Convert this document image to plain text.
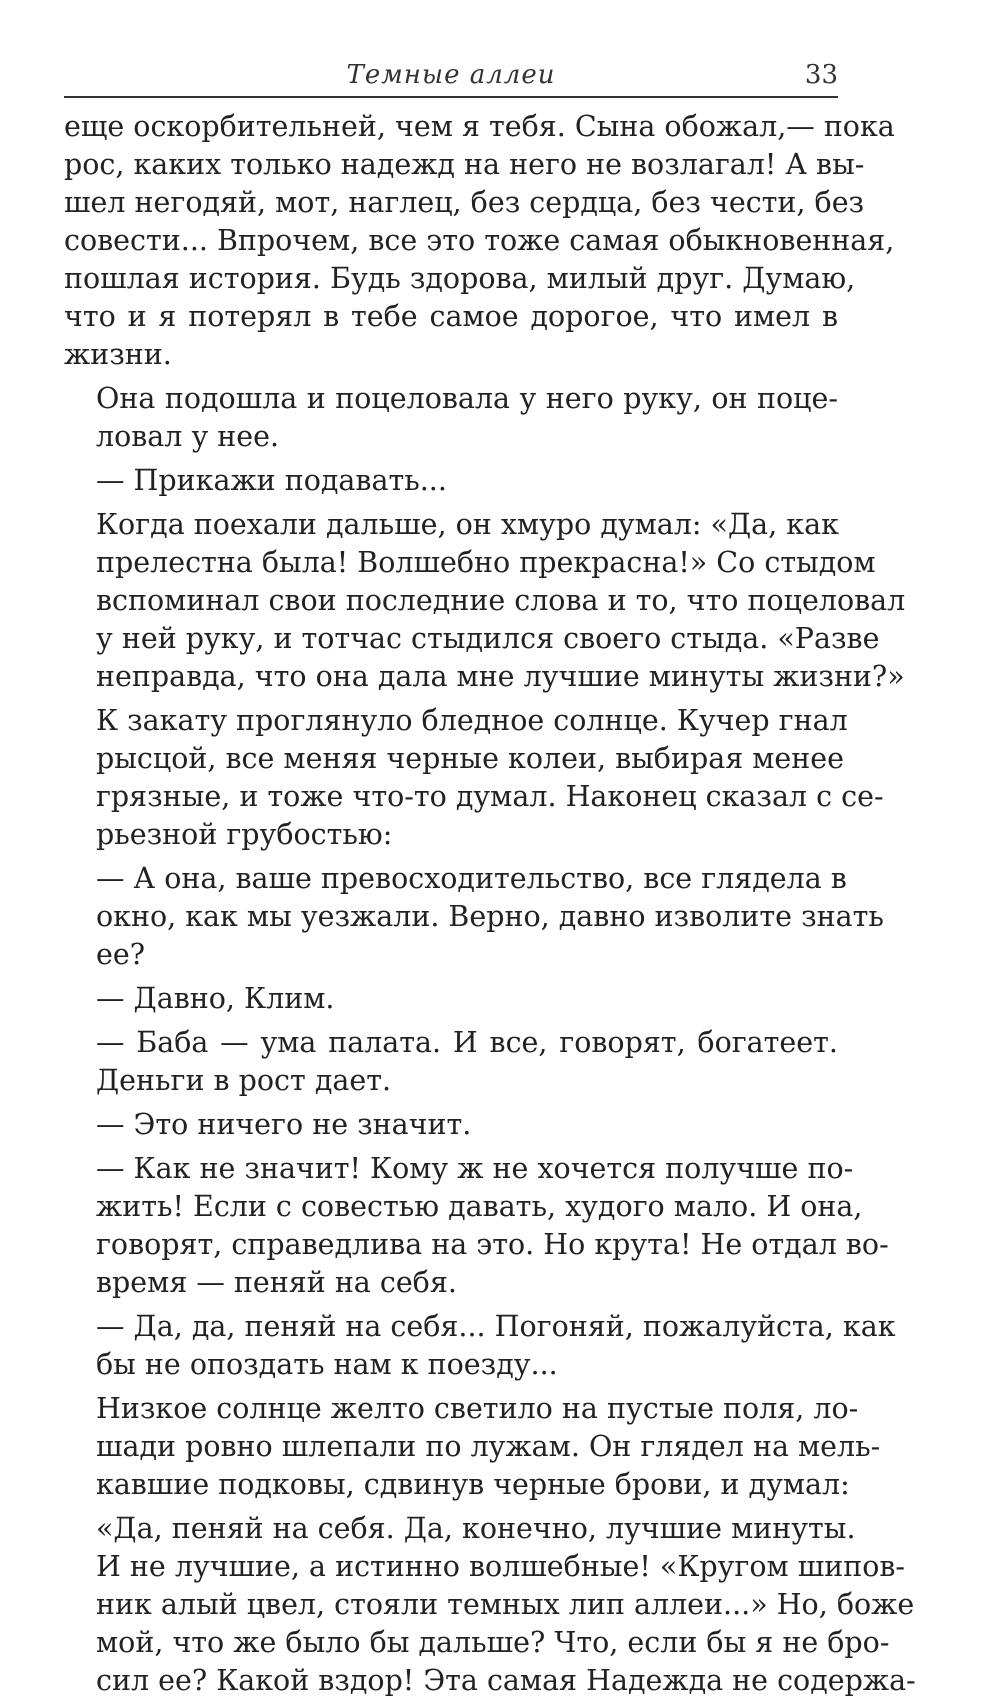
Темные аллеи	33
еще оскорбительней, чем я тебя. Сына обожал,— пока
рос, каких только надежд на него не возлагал! А вы-
шел негодяй, мот, наглец, без сердца, без чести, без
совести... Впрочем, все это тоже самая обыкновенная,
пошлая история. Будь здорова, милый друг. Думаю,
что и я потерял в тебе самое дорогое, что имел в
жизни.
Она подошла и поцеловала у него руку, он поце-
ловал у нее.
— Прикажи подавать...
Когда поехали дальше, он хмуро думал: «Да, как
прелестна была! Волшебно прекрасна!» Со стыдом
вспоминал свои последние слова и то, что поцеловал
у ней руку, и тотчас стыдился своего стыда. «Разве
неправда, что она дала мне лучшие минуты жизни?»
К закату проглянуло бледное солнце. Кучер гнал
рысцой, все меняя черные колеи, выбирая менее
грязные, и тоже что-то думал. Наконец сказал с се-
рьезной грубостью:
— А она, ваше превосходительство, все глядела в
окно, как мы уезжали. Верно, давно изволите знать
ее?
— Давно, Клим.
— Баба — ума палата. И все, говорят, богатеет.
Деньги в рост дает.
— Это ничего не значит.
— Как не значит! Кому ж не хочется получше по-
жить! Если с совестью давать, худого мало. И она,
говорят, справедлива на это. Но крута! Не отдал во-
время — пеняй на себя.
— Да, да, пеняй на себя... Погоняй, пожалуйста, как
бы не опоздать нам к поезду...
Низкое солнце желто светило на пустые поля, ло-
шади ровно шлепали по лужам. Он глядел на мель-
кавшие подковы, сдвинув черные брови, и думал:
«Да, пеняй на себя. Да, конечно, лучшие минуты.
И не лучшие, а истинно волшебные! «Кругом шипов-
ник алый цвел, стояли темных лип аллеи...» Но, боже
мой, что же было бы дальше? Что, если бы я не бро-
сил ее? Какой вздор! Эта самая Надежда не содержа-
